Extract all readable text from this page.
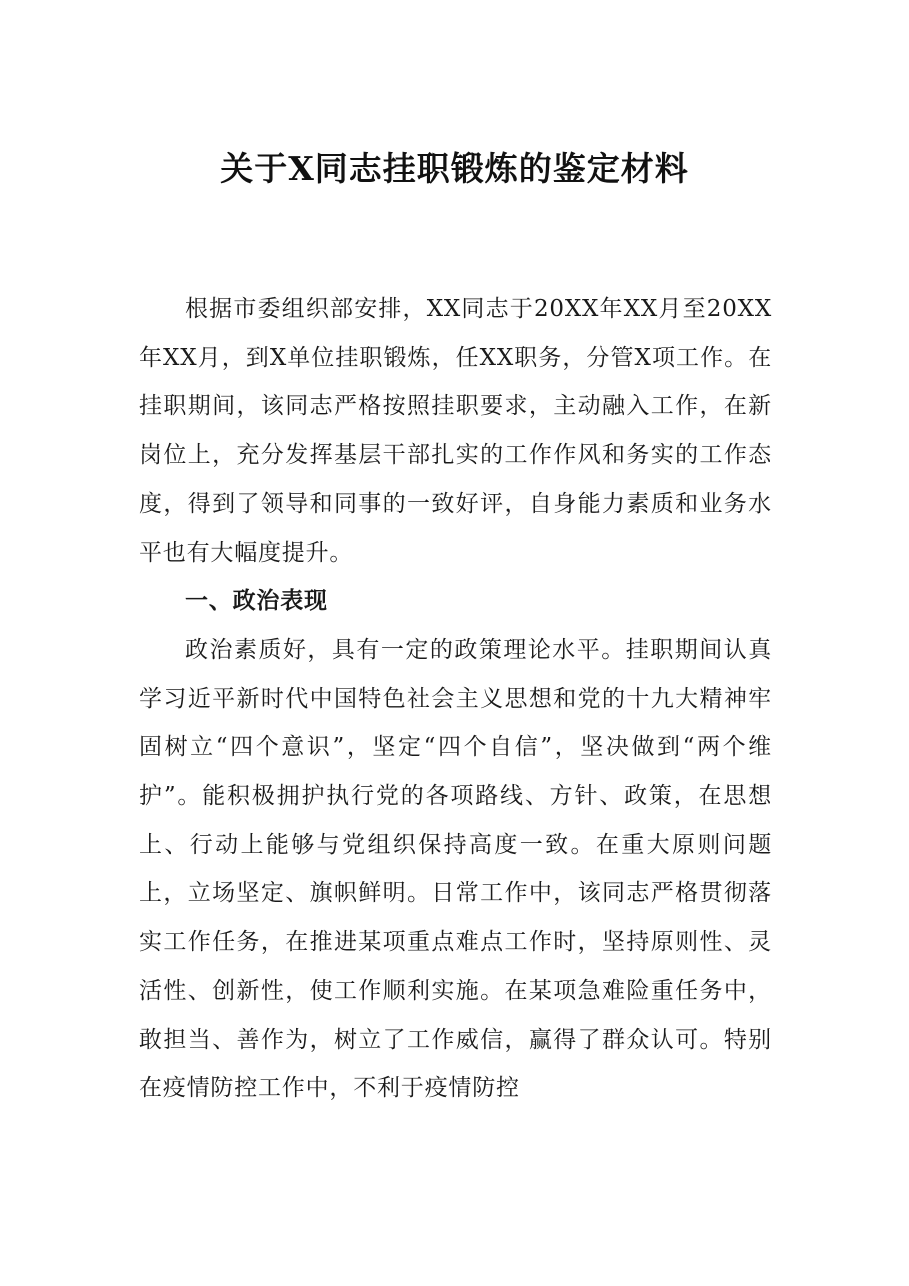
关于X同志挂职锻炼的鉴定材料

根据市委组织部安排，XX同志于20XX年XX月至20XX年XX月，到X单位挂职锻炼，任XX职务，分管X项工作。在挂职期间，该同志严格按照挂职要求，主动融入工作，在新岗位上，充分发挥基层干部扎实的工作作风和务实的工作态度，得到了领导和同事的一致好评，自身能力素质和业务水平也有大幅度提升。

一、政治表现

政治素质好，具有一定的政策理论水平。挂职期间认真学习近平新时代中国特色社会主义思想和党的十九大精神牢固树立“四个意识”，坚定“四个自信”，坚决做到“两个维护”。能积极拥护执行党的各项路线、方针、政策，在思想上、行动上能够与党组织保持高度一致。在重大原则问题上，立场坚定、旗帜鲜明。日常工作中，该同志严格贯彻落实工作任务，在推进某项重点难点工作时，坚持原则性、灵活性、创新性，使工作顺利实施。在某项急难险重任务中，敢担当、善作为，树立了工作威信，赢得了群众认可。特别在疫情防控工作中，不利于疫情防控
